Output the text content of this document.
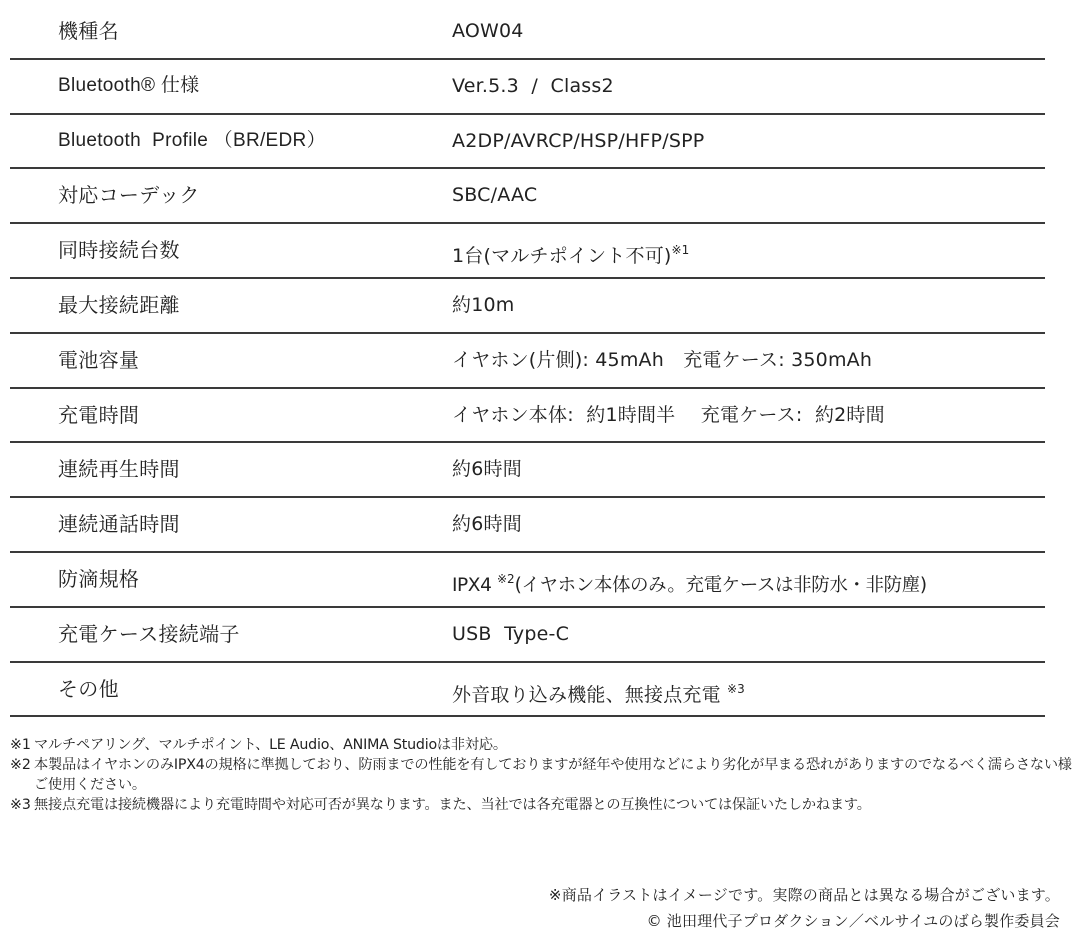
機種名	AOW04
Bluetooth® 仕様	Ver.5.3  /  Class2
Bluetooth  Profile （BR/EDR）	A2DP/AVRCP/HSP/HFP/SPP
対応コーデック	SBC/AAC
同時接続台数	1台(マルチポイント不可)$^{※1}$
最大接続距離	約10m
電池容量	イヤホン(片側): 45mAh　充電ケース: 350mAh
充電時間	イヤホン本体:  約1時間半　 充電ケース:  約2時間
連続再生時間	約6時間
連続通話時間	約6時間
防滴規格	IPX4 $^{※2}$(イヤホン本体のみ。充電ケースは非防水・非防塵)
充電ケース接続端子	USB  Type-C
その他	外音取り込み機能、無接点充電 $^{※3}$
※1 マルチペアリング、マルチポイント、LE Audio、ANIMA Studioは非対応。
※2 本製品はイヤホンのみIPX4の規格に準拠しており、防雨までの性能を有しておりますが経年や使用などにより劣化が早まる恐れがありますのでなるべく濡らさない様ご使用ください。
※3 無接点充電は接続機器により充電時間や対応可否が異なります。また、当社では各充電器との互換性については保証いたしかねます。
※商品イラストはイメージです。実際の商品とは異なる場合がございます。
© 池田理代子プロダクション／ベルサイユのばら製作委員会
